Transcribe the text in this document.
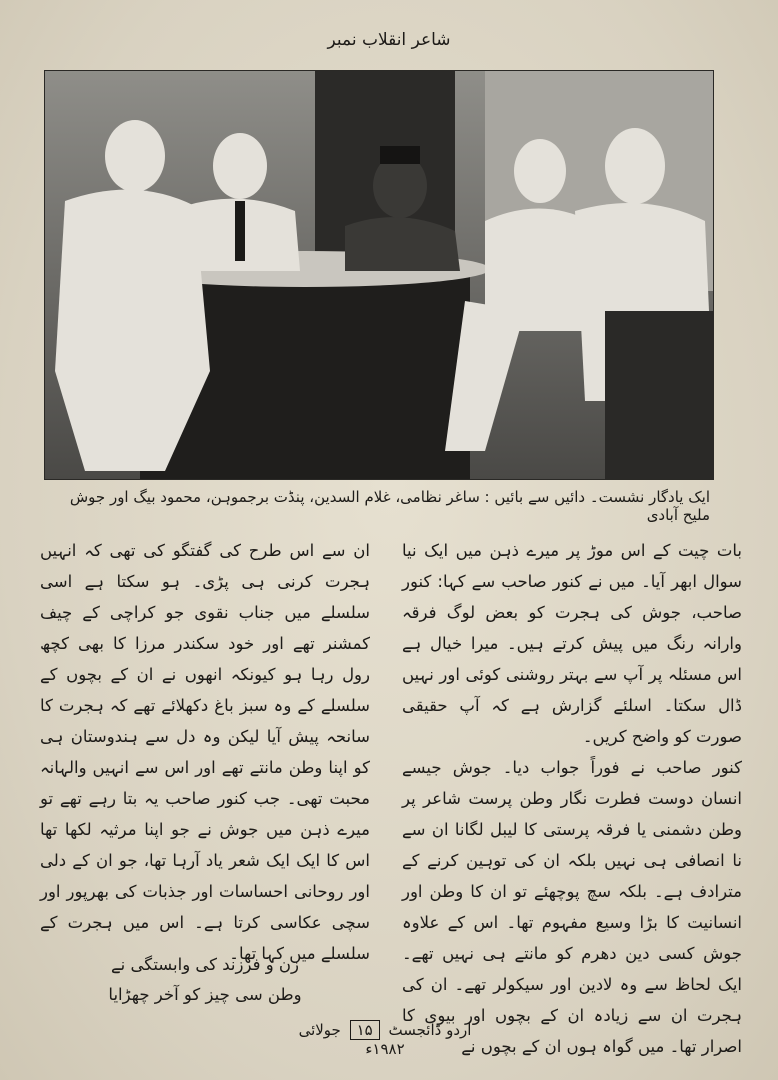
شاعر انقلاب نمبر
ایک یادگار نشست۔ دائیں سے بائیں : ساغر نظامی، غلام السدین، پنڈت برجموہن، محمود بیگ اور جوش ملیح آبادی

بات چیت کے اس موڑ پر میرے ذہن میں ایک نیا سوال ابھر آیا۔ میں نے کنور صاحب سے کہا: کنور صاحب، جوش کی ہجرت کو بعض لوگ فرقہ وارانہ رنگ میں پیش کرتے ہیں۔ میرا خیال ہے اس مسئلہ پر آپ سے بہتر روشنی کوئی اور نہیں ڈال سکتا۔ اسلئے گزارش ہے کہ آپ حقیقی صورت کو واضح کریں۔

کنور صاحب نے فوراً جواب دیا۔ جوش جیسے انسان دوست فطرت نگار وطن پرست شاعر پر وطن دشمنی یا فرقہ پرستی کا لیبل لگانا ان سے نا انصافی ہی نہیں بلکہ ان کی توہین کرنے کے مترادف ہے۔ بلکہ سچ پوچھئے تو ان کا وطن اور انسانیت کا بڑا وسیع مفہوم تھا۔ اس کے علاوہ جوش کسی دین دھرم کو مانتے ہی نہیں تھے۔ ایک لحاظ سے وہ لادین اور سیکولر تھے۔ ان کی ہجرت ان سے زیادہ ان کے بچوں اور بیوی کا اصرار تھا۔ میں گواہ ہوں ان کے بچوں نے

ان سے اس طرح کی گفتگو کی تھی کہ انہیں ہجرت کرنی ہی پڑی۔ ہو سکتا ہے اسی سلسلے میں جناب نقوی جو کراچی کے چیف کمشنر تھے اور خود سکندر مرزا کا بھی کچھ رول رہا ہو کیونکہ انھوں نے ان کے بچوں کے سلسلے کے وہ سبز باغ دکھلائے تھے کہ ہجرت کا سانحہ پیش آیا لیکن وہ دل سے ہندوستان ہی کو اپنا وطن مانتے تھے اور اس سے انہیں والہانہ محبت تھی۔ جب کنور صاحب یہ بتا رہے تھے تو میرے ذہن میں جوش نے جو اپنا مرثیہ لکھا تھا اس کا ایک ایک شعر یاد آرہا تھا، جو ان کے دلی اور روحانی احساسات اور جذبات کی بھرپور اور سچی عکاسی کرتا ہے۔ اس میں ہجرت کے سلسلے میں کہا تھا۔

زن و فرزند کی وابستگی نے
وطن سی چیز کو آخر چھڑایا
اردو ڈائجسٹ ۱۵ جولائی ۱۹۸۲ء
